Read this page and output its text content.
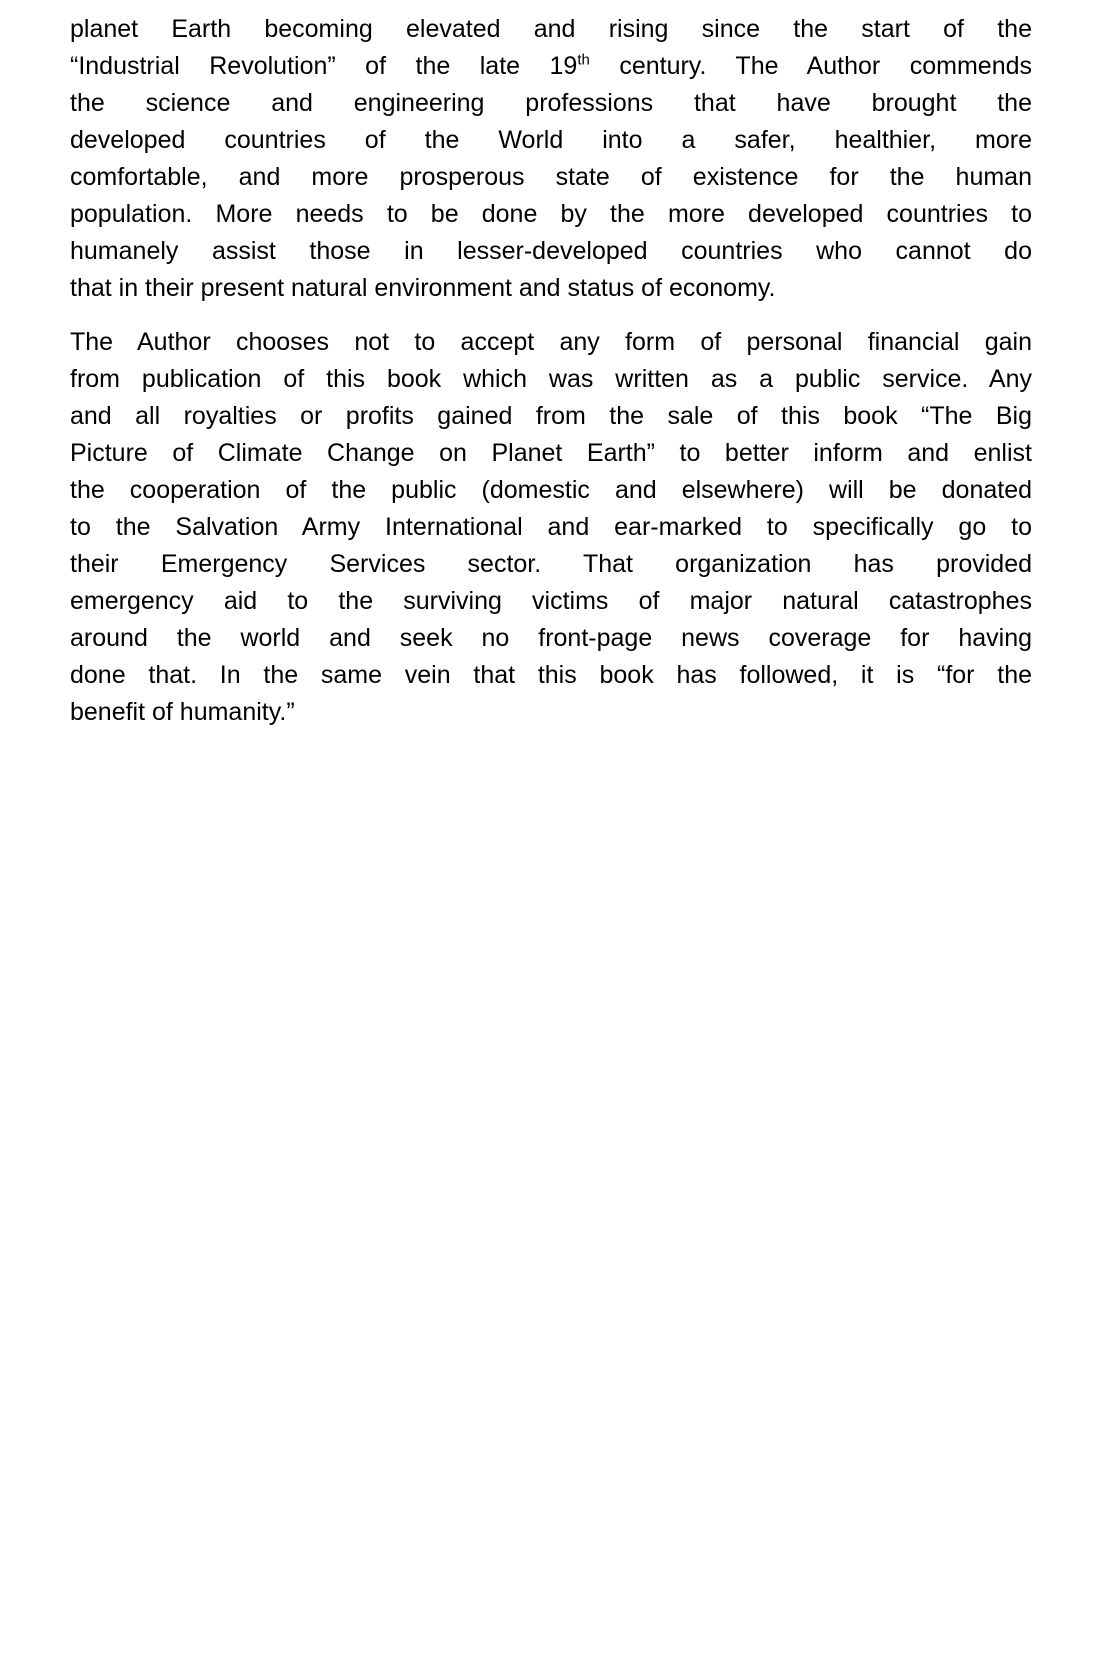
planet Earth becoming elevated and rising since the start of the
“Industrial Revolution” of the late 19th century. The Author commends
the science and engineering professions that have brought the
developed countries of the World into a safer, healthier, more
comfortable, and more prosperous state of existence for the human
population. More needs to be done by the more developed countries to
humanely assist those in lesser-developed countries who cannot do
that in their present natural environment and status of economy.
The Author chooses not to accept any form of personal financial gain
from publication of this book which was written as a public service. Any
and all royalties or profits gained from the sale of this book “The Big
Picture of Climate Change on Planet Earth” to better inform and enlist
the cooperation of the public (domestic and elsewhere) will be donated
to the Salvation Army International and ear-marked to specifically go to
their Emergency Services sector. That organization has provided
emergency aid to the surviving victims of major natural catastrophes
around the world and seek no front-page news coverage for having
done that. In the same vein that this book has followed, it is “for the
benefit of humanity.”
